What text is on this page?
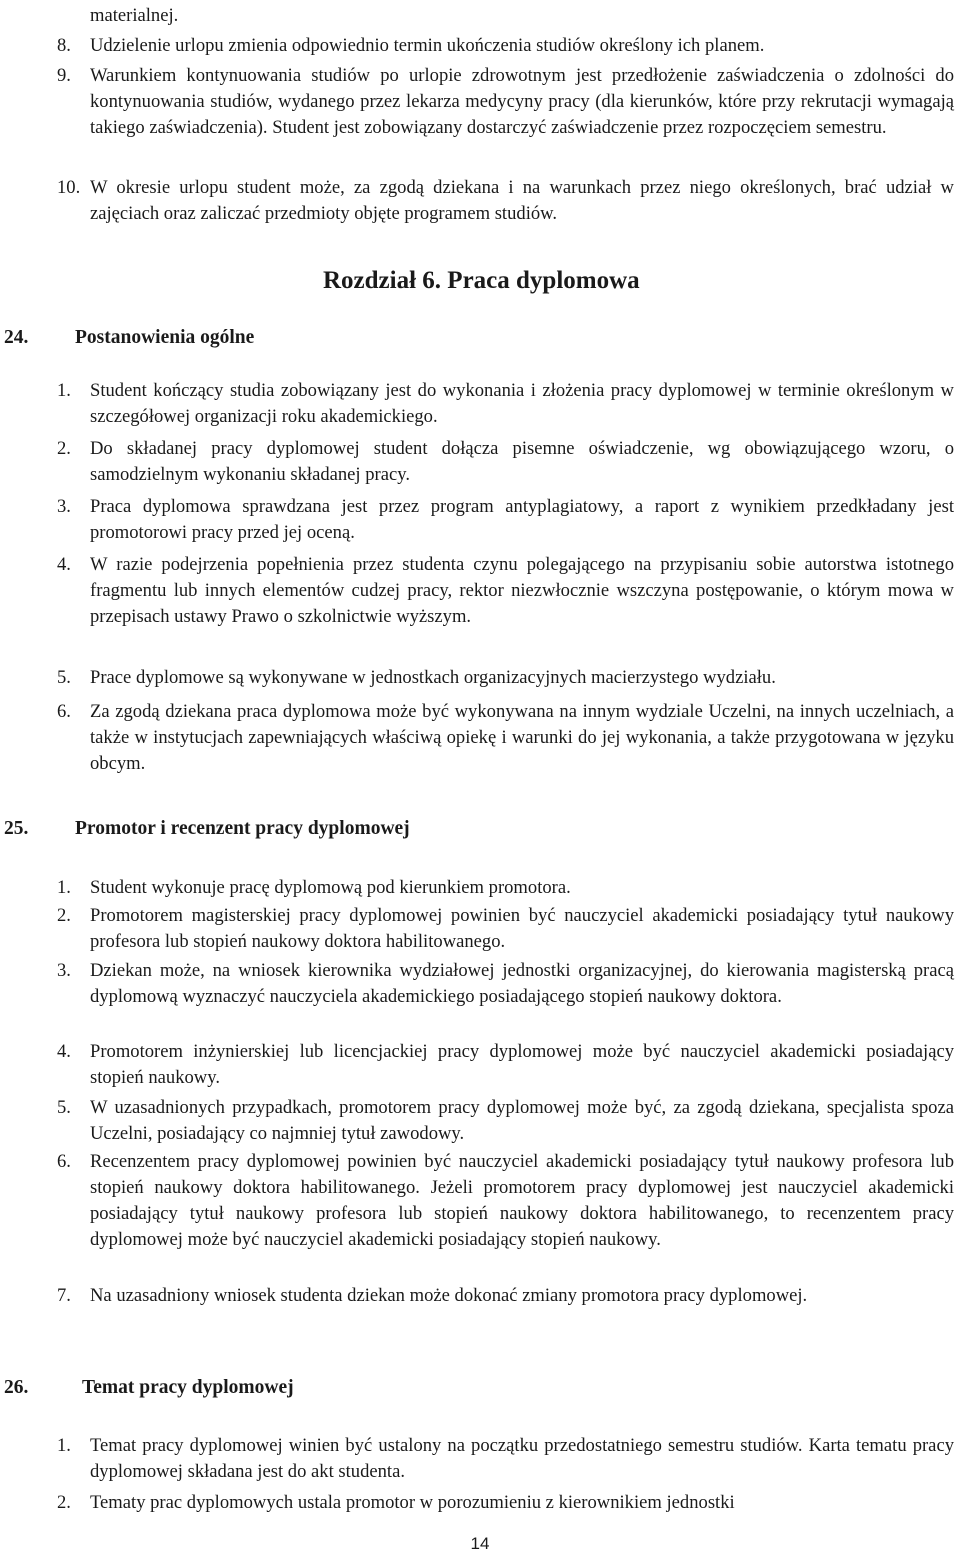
materialnej.
8. Udzielenie urlopu zmienia odpowiednio termin ukończenia studiów określony ich planem.
9. Warunkiem kontynuowania studiów po urlopie zdrowotnym jest przedłożenie zaświadczenia o zdolności do kontynuowania studiów, wydanego przez lekarza medycyny pracy (dla kierunków, które przy rekrutacji wymagają takiego zaświadczenia). Student jest zobowiązany dostarczyć zaświadczenie przez rozpoczęciem semestru.
10. W okresie urlopu student może, za zgodą dziekana i na warunkach przez niego określonych, brać udział w zajęciach oraz zaliczać przedmioty objęte programem studiów.
Rozdział 6. Praca dyplomowa
24. Postanowienia ogólne
1. Student kończący studia zobowiązany jest do wykonania i złożenia pracy dyplomowej w terminie określonym w szczegółowej organizacji roku akademickiego.
2. Do składanej pracy dyplomowej student dołącza pisemne oświadczenie, wg obowiązującego wzoru, o samodzielnym wykonaniu składanej pracy.
3. Praca dyplomowa sprawdzana jest przez program antyplagiatowy, a raport z wynikiem przedkładany jest promotorowi pracy przed jej oceną.
4. W razie podejrzenia popełnienia przez studenta czynu polegającego na przypisaniu sobie autorstwa istotnego fragmentu lub innych elementów cudzej pracy, rektor niezwłocznie wszczyna postępowanie, o którym mowa w przepisach ustawy Prawo o szkolnictwie wyższym.
5. Prace dyplomowe są wykonywane w jednostkach organizacyjnych macierzystego wydziału.
6. Za zgodą dziekana praca dyplomowa może być wykonywana na innym wydziale Uczelni, na innych uczelniach, a także w instytucjach zapewniających właściwą opiekę i warunki do jej wykonania, a także przygotowana w języku obcym.
25. Promotor i recenzent pracy dyplomowej
1. Student wykonuje pracę dyplomową pod kierunkiem promotora.
2. Promotorem magisterskiej pracy dyplomowej powinien być nauczyciel akademicki posiadający tytuł naukowy profesora lub stopień naukowy doktora habilitowanego.
3. Dziekan może, na wniosek kierownika wydziałowej jednostki organizacyjnej, do kierowania magisterską pracą dyplomową wyznaczyć nauczyciela akademickiego posiadającego stopień naukowy doktora.
4. Promotorem inżynierskiej lub licencjackiej pracy dyplomowej może być nauczyciel akademicki posiadający stopień naukowy.
5. W uzasadnionych przypadkach, promotorem pracy dyplomowej może być, za zgodą dziekana, specjalista spoza Uczelni, posiadający co najmniej tytuł zawodowy.
6. Recenzentem pracy dyplomowej powinien być nauczyciel akademicki posiadający tytuł naukowy profesora lub stopień naukowy doktora habilitowanego. Jeżeli promotorem pracy dyplomowej jest nauczyciel akademicki posiadający tytuł naukowy profesora lub stopień naukowy doktora habilitowanego, to recenzentem pracy dyplomowej może być nauczyciel akademicki posiadający stopień naukowy.
7. Na uzasadniony wniosek studenta dziekan może dokonać zmiany promotora pracy dyplomowej.
26.	Temat pracy dyplomowej
1. Temat pracy dyplomowej winien być ustalony na początku przedostatniego semestru studiów. Karta tematu pracy dyplomowej składana jest do akt studenta.
2. Tematy prac dyplomowych ustala promotor w porozumieniu z kierownikiem jednostki
14
